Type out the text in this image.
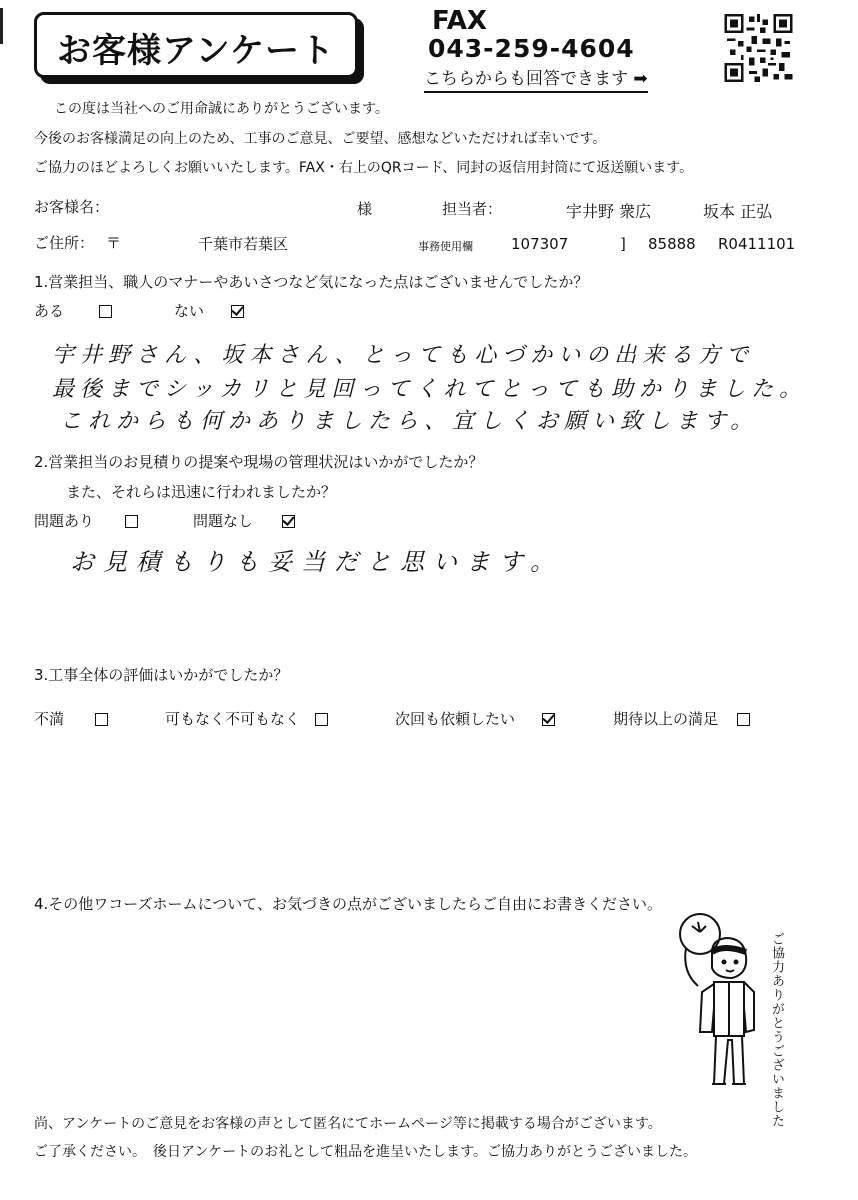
お客様アンケート
FAX
043-259-4604
こちらからも回答できます ➡
この度は当社へのご用命誠にありがとうございます。
今後のお客様満足の向上のため、工事のご意見、ご要望、感想などいただければ幸いです。
ご協力のほどよろしくお願いいたします。FAX・右上のQRコード、同封の返信用封筒にて返送願います。
お客様名：	様	担当者：	宇井野 衆広	坂本 正弘
ご住所： 〒	千葉市若葉区	事務使用欄	107307	] 85888 R0411101
1.営業担当、職人のマナーやあいさつなど気になった点はございませんでしたか？
ある	ない
宇井野さん、坂本さん、とっても心づかいの出来る方で
最後までシッカリと見回ってくれてとっても助かりました。
これからも何かありましたら、宜しくお願い致します。
2.営業担当のお見積りの提案や現場の管理状況はいかがでしたか？
また、それらは迅速に行われましたか？
問題あり	問題なし
お見積もりも妥当だと思います。
3.工事全体の評価はいかがでしたか？
不満	可もなく不可もなく	次回も依頼したい	期待以上の満足
4.その他ワコーズホームについて、お気づきの点がございましたらご自由にお書きください。
ご協力ありがとうございました
尚、アンケートのご意見をお客様の声として匿名にてホームページ等に掲載する場合がございます。
ご了承ください。　後日アンケートのお礼として粗品を進呈いたします。ご協力ありがとうございました。
